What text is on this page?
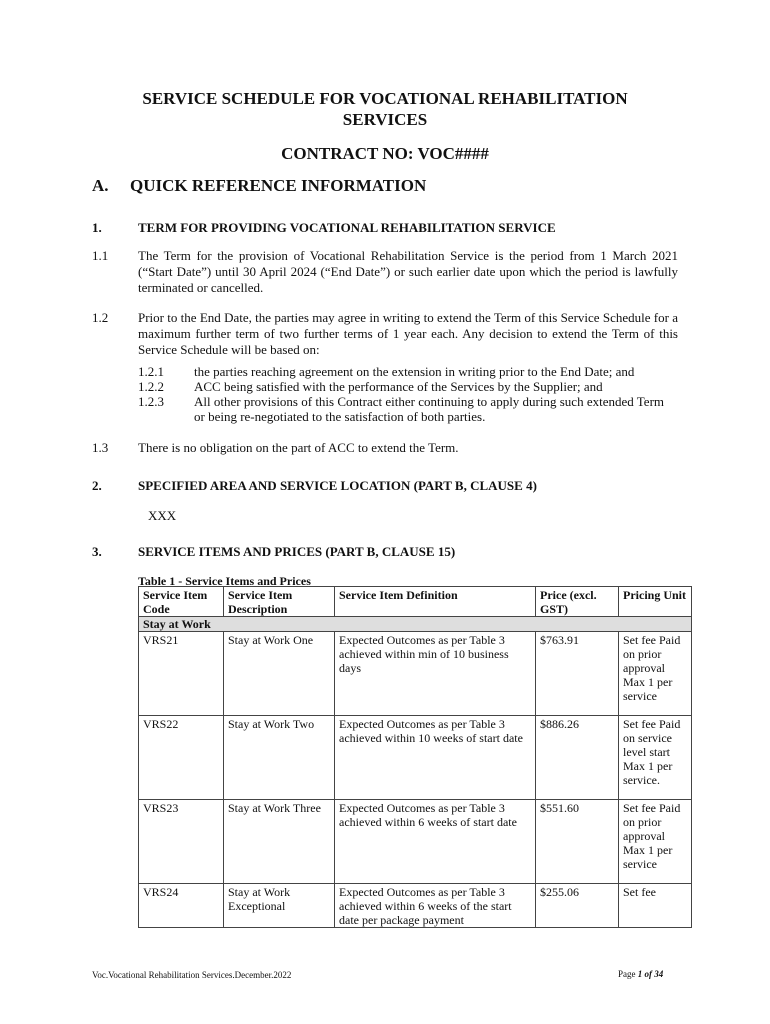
SERVICE SCHEDULE FOR VOCATIONAL REHABILITATION
SERVICES
CONTRACT NO: VOC####
A. QUICK REFERENCE INFORMATION
1.	TERM FOR PROVIDING VOCATIONAL REHABILITATION SERVICE
1.1 The Term for the provision of Vocational Rehabilitation Service is the period from 1 March 2021 (“Start Date”) until 30 April 2024 (“End Date”) or such earlier date upon which the period is lawfully terminated or cancelled.
1.2 Prior to the End Date, the parties may agree in writing to extend the Term of this Service Schedule for a maximum further term of two further terms of 1 year each. Any decision to extend the Term of this Service Schedule will be based on:
1.2.1 the parties reaching agreement on the extension in writing prior to the End Date; and
1.2.2 ACC being satisfied with the performance of the Services by the Supplier; and
1.2.3 All other provisions of this Contract either continuing to apply during such extended Term or being re-negotiated to the satisfaction of both parties.
1.3 There is no obligation on the part of ACC to extend the Term.
2.	SPECIFIED AREA AND SERVICE LOCATION (PART B, CLAUSE 4)
XXX
3.	SERVICE ITEMS AND PRICES (PART B, CLAUSE 15)
Table 1 - Service Items and Prices
Service Item Code	Service Item Description	Service Item Definition	Price (excl. GST)	Pricing Unit
Stay at Work				
VRS21	Stay at Work One	Expected Outcomes as per Table 3 achieved within min of 10 business days	$763.91	Set fee Paid on prior approval Max 1 per service
VRS22	Stay at Work Two	Expected Outcomes as per Table 3 achieved within 10 weeks of start date	$886.26	Set fee Paid on service level start Max 1 per service.
VRS23	Stay at Work Three	Expected Outcomes as per Table 3 achieved within 6 weeks of start date	$551.60	Set fee Paid on prior approval Max 1 per service
VRS24	Stay at Work Exceptional	Expected Outcomes as per Table 3 achieved within 6 weeks of the start date per package payment	$255.06	Set fee
Voc.Vocational Rehabilitation Services.December.2022	Page 1 of 34
